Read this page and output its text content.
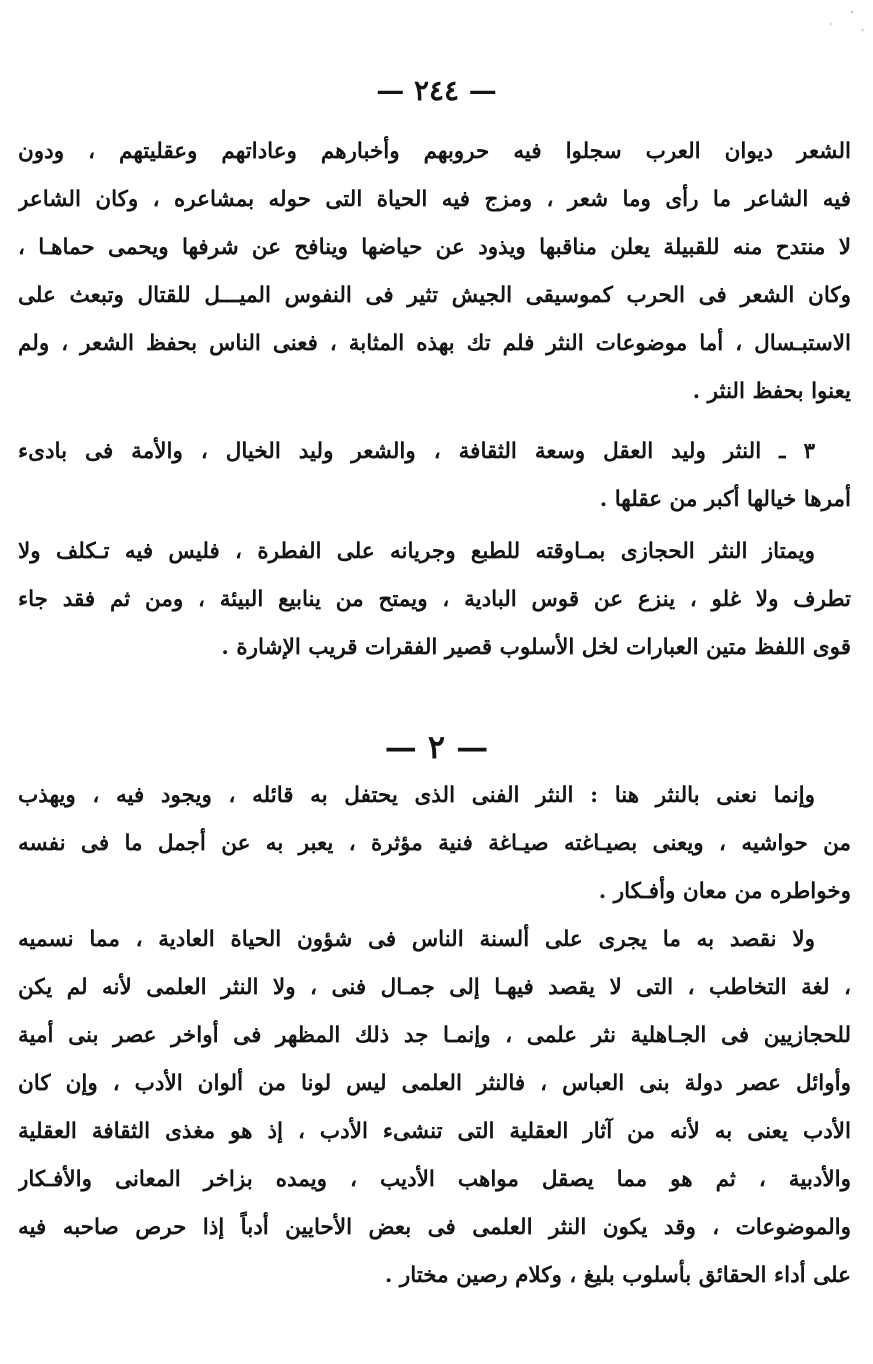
— ٢٤٤ —
الشعر ديوان العرب سجلوا فيه حروبهم وأخبارهم وعاداتهم وعقليتهم ، ودون
فيه الشاعر ما رأى وما شعر ، ومزج فيه الحياة التى حوله بمشاعره ، وكان الشاعر
لا منتدح منه للقبيلة يعلن مناقبها ويذود عن حياضها وينافح عن شرفها ويحمى حماهـا ،
وكان الشعر فى الحرب كموسيقى الجيش تثير فى النفوس الميـــل للقتال وتبعث على
الاستبـسال ، أما موضوعات النثر فلم تك بهذه المثابة ، فعنى الناس بحفظ الشعر ، ولم
يعنوا بحفظ النثر .
٣ ـ النثر وليد العقل وسعة الثقافة ، والشعر وليد الخيال ، والأمة فى بادىء
أمرها خيالها أكبر من عقلها .
ويمتاز النثر الحجازى بمـاوقته للطبع وجريانه على الفطرة ، فليس فيه تـكلف ولا
تطرف ولا غلو ، ينزع عن قوس البادية ، ويمتح من ينابيع البيئة ، ومن ثم فقد جاء
قوى اللفظ متين العبارات لخل الأسلوب قصير الفقرات قريب الإشارة .
— ٢ —
وإنما نعنى بالنثر هنا : النثر الفنى الذى يحتفل به قائله ، ويجود فيه ، ويهذب
من حواشيه ، ويعنى بصيـاغته صيـاغة فنية مؤثرة ، يعبر به عن أجمل ما فى نفسه
وخواطره من معان وأفـكار .
ولا نقصد به ما يجرى على ألسنة الناس فى شؤون الحياة العادية ، مما نسميه
، لغة التخاطب ، التى لا يقصد فيهـا إلى جمـال فنى ، ولا النثر العلمى لأنه لم يكن
للحجازيين فى الجـاهلية نثر علمى ، وإنمـا جد ذلك المظهر فى أواخر عصر بنى أمية
وأوائل عصر دولة بنى العباس ، فالنثر العلمى ليس لونا من ألوان الأدب ، وإن كان
الأدب يعنى به لأنه من آثار العقلية التى تنشىء الأدب ، إذ هو مغذى الثقافة العقلية
والأدبية ، ثم هو مما يصقل مواهب الأديب ، ويمده بزاخر المعانى والأفـكار
والموضوعات ، وقد يكون النثر العلمى فى بعض الأحايين أدباً إذا حرص صاحبه فيه
على أداء الحقائق بأسلوب بليغ ، وكلام رصين مختار .
